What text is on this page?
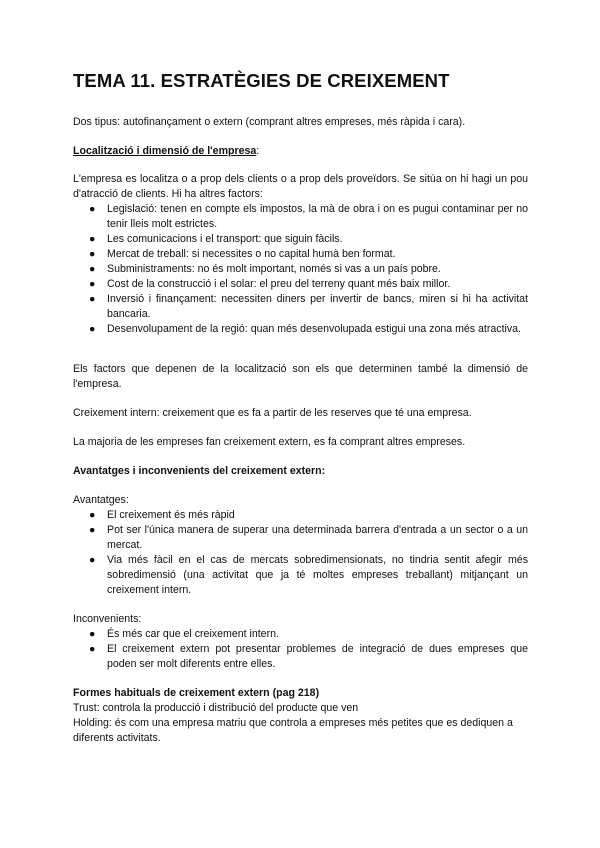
TEMA 11. ESTRATÈGIES DE CREIXEMENT

Dos tipus: autofinançament o extern (comprant altres empreses, més ràpida i cara).

Localització i dimensió de l'empresa:

L'empresa es localitza o a prop dels clients o a prop dels proveïdors. Se sitúa on hi hagi un pou d'atracció de clients. Hi ha altres factors:

● Legislació: tenen en compte els impostos, la mà de obra i on es pugui contaminar per no tenir lleis molt estrictes.
● Les comunicacions i el transport: que siguin fàcils.
● Mercat de treball: si necessites o no capital humà ben format.
● Subministraments: no és molt important, només si vas a un país pobre.
● Cost de la construcció i el solar: el preu del terreny quant més baix millor.
● Inversió i finançament: necessiten diners per invertir de bancs, miren si hi ha activitat bancaria.
● Desenvolupament de la regió: quan més desenvolupada estigui una zona més atractiva.

Els factors que depenen de la localització son els que determinen també la dimensió de l'empresa.

Creixement intern: creixement que es fa a partir de les reserves que té una empresa.

La majoria de les empreses fan creixement extern, es fa comprant altres empreses.

Avantatges i inconvenients del creixement extern:

Avantatges:

● El creixement és més ràpid
● Pot ser l'única manera de superar una determinada barrera d'entrada a un sector o a un mercat.
● Via més fàcil en el cas de mercats sobredimensionats, no tindria sentit afegir més sobredimensió (una activitat que ja té moltes empreses treballant) mitjançant un creixement intern.

Inconvenients:

● És més car que el creixement intern.
● El creixement extern pot presentar problemes de integració de dues empreses que poden ser molt diferents entre elles.

Formes habituals de creixement extern (pag 218)

Trust: controla la producció i distribució del producte que ven

Holding: és com una empresa matriu que controla a empreses més petites que es dediquen a diferents activitats.
